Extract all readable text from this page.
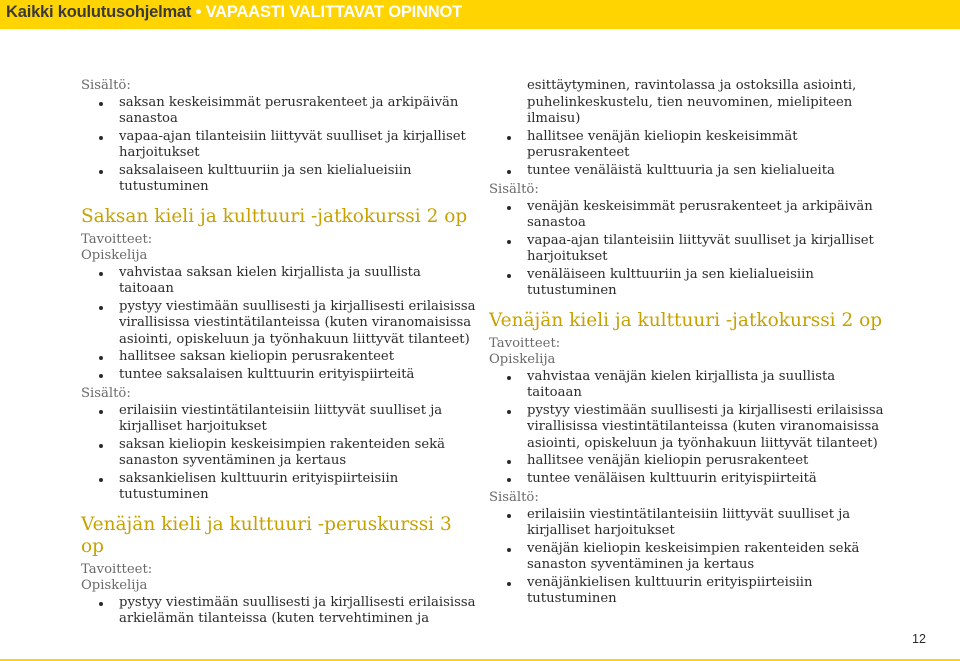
Kaikki koulutusohjelmat • VAPAASTI VALITTAVAT OPINNOT

Sisältö:

saksan keskeisimmät perusrakenteet ja arkipäivän sanastoa
vapaa-ajan tilanteisiin liittyvät suulliset ja kirjalliset harjoitukset
saksalaiseen kulttuuriin ja sen kielialueisiin tutustuminen
Saksan kieli ja kulttuuri -jatkokurssi 2 op

Tavoitteet:

Opiskelija

vahvistaa saksan kielen kirjallista ja suullista taitoaan
pystyy viestimään suullisesti ja kirjallisesti erilaisissa virallisissa viestintätilanteissa (kuten viranomaisissa asiointi, opiskeluun ja työnhakuun liittyvät tilanteet)
hallitsee saksan kieliopin perusrakenteet
tuntee saksalaisen kulttuurin erityispiirteitä

Sisältö:

erilaisiin viestintätilanteisiin liittyvät suulliset ja kirjalliset harjoitukset
saksan kieliopin keskeisimpien rakenteiden sekä sanaston syventäminen ja kertaus
saksankielisen kulttuurin erityispiirteisiin tutustuminen
Venäjän kieli ja kulttuuri -peruskurssi 3 op

Tavoitteet:

Opiskelija

pystyy viestimään suullisesti ja kirjallisesti erilaisissa arkielämän tilanteissa (kuten tervehtiminen ja
esittäytyminen, ravintolassa ja ostoksilla asiointi, puhelinkeskustelu, tien neuvominen, mielipiteen ilmaisu)
hallitsee venäjän kieliopin keskeisimmät perusrakenteet
tuntee venäläistä kulttuuria ja sen kielialueita

Sisältö:

venäjän keskeisimmät perusrakenteet ja arkipäivän sanastoa
vapaa-ajan tilanteisiin liittyvät suulliset ja kirjalliset harjoitukset
venäläiseen kulttuuriin ja sen kielialueisiin tutustuminen
Venäjän kieli ja kulttuuri -jatkokurssi 2 op

Tavoitteet:

Opiskelija

vahvistaa venäjän kielen kirjallista ja suullista taitoaan
pystyy viestimään suullisesti ja kirjallisesti erilaisissa virallisissa viestintätilanteissa (kuten viranomaisissa asiointi, opiskeluun ja työnhakuun liittyvät tilanteet)
hallitsee venäjän kieliopin perusrakenteet
tuntee venäläisen kulttuurin erityispiirteitä

Sisältö:

erilaisiin viestintätilanteisiin liittyvät suulliset ja kirjalliset harjoitukset
venäjän kieliopin keskeisimpien rakenteiden sekä sanaston syventäminen ja kertaus
venäjänkielisen kulttuurin erityispiirteisiin tutustuminen
12
